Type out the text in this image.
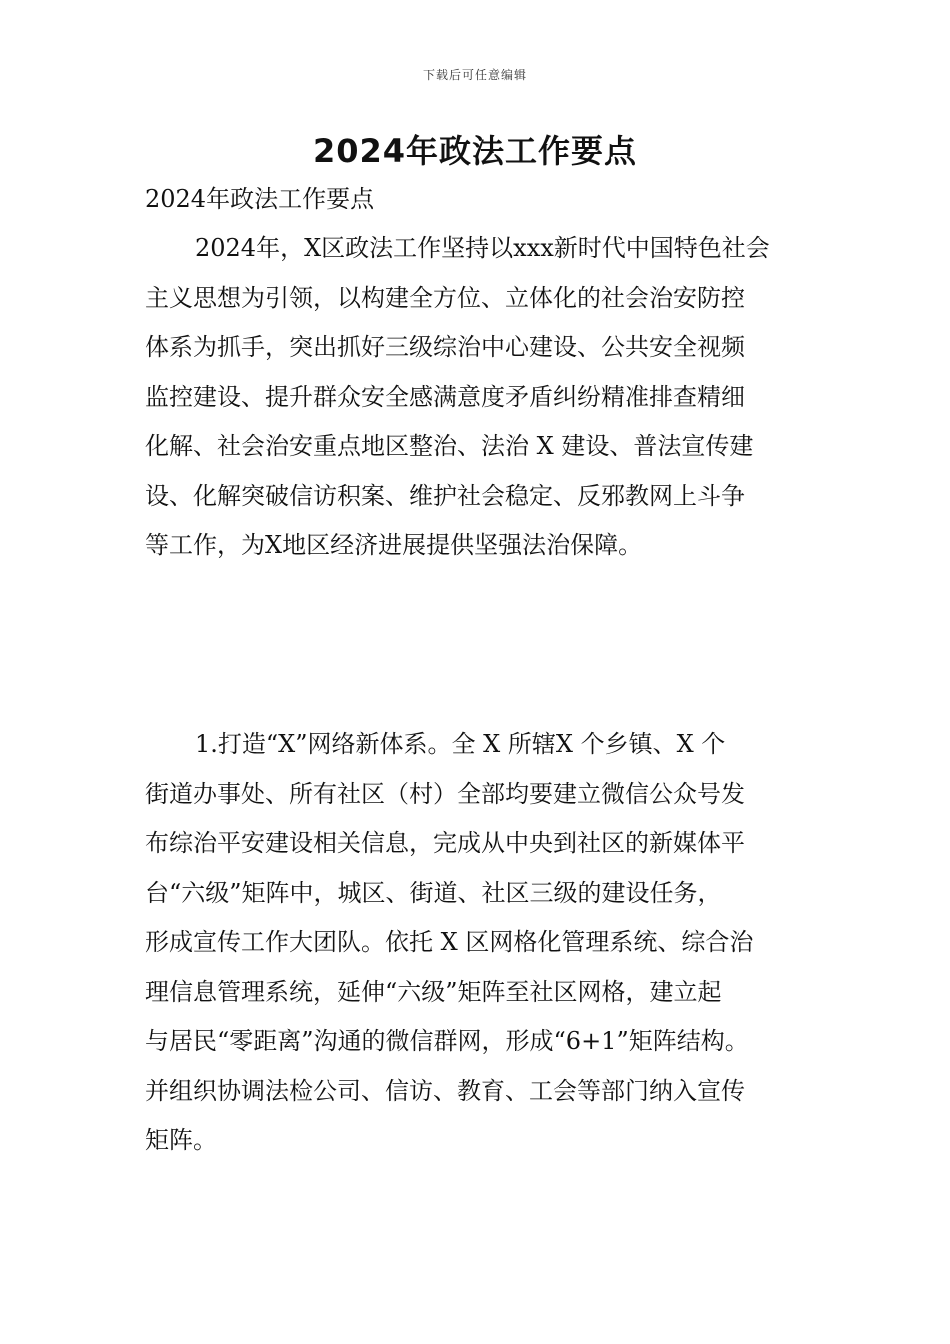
下载后可任意编辑
2024年政法工作要点
2024年政法工作要点
2024年，X区政法工作坚持以xxx新时代中国特色社会
主义思想为引领，以构建全方位、立体化的社会治安防控
体系为抓手，突出抓好三级综治中心建设、公共安全视频
监控建设、提升群众安全感满意度矛盾纠纷精准排查精细
化解、社会治安重点地区整治、法治 X 建设、普法宣传建
设、化解突破信访积案、维护社会稳定、反邪教网上斗争
等工作，为X地区经济进展提供坚强法治保障。
1.打造“X”网络新体系。全 X 所辖X 个乡镇、X 个
街道办事处、所有社区（村）全部均要建立微信公众号发
布综治平安建设相关信息，完成从中央到社区的新媒体平
台“六级”矩阵中，城区、街道、社区三级的建设任务，
形成宣传工作大团队。依托 X 区网格化管理系统、综合治
理信息管理系统，延伸“六级”矩阵至社区网格，建立起
与居民“零距离”沟通的微信群网，形成“6+1”矩阵结构。
并组织协调法检公司、信访、教育、工会等部门纳入宣传
矩阵。
